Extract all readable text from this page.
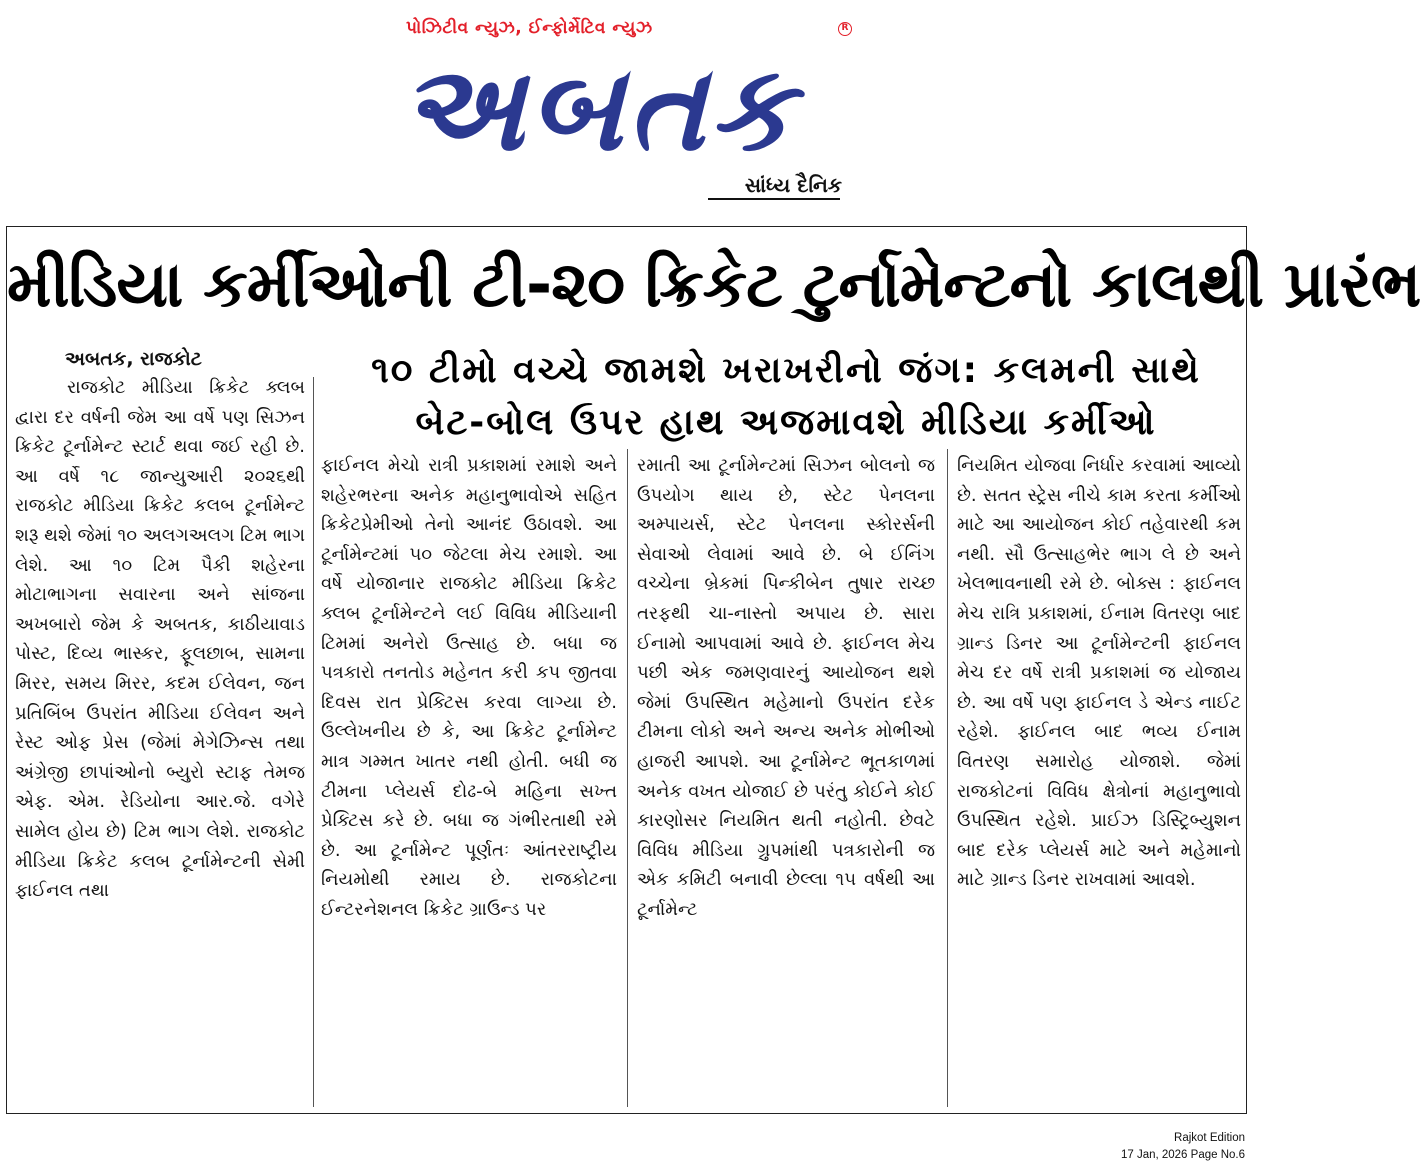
પોઝિટીવ ન્યુઝ, ઈન્ફોર્મેટિવ ન્યુઝ	R
અબતક
સાંધ્ય દૈનિક
મીડિયા કર્મીઓની ટી-૨૦ ક્રિકેટ ટુર્નામેન્ટનો કાલથી પ્રારંભ
અબતક, રાજકોટ	૧૦ ટીમો વચ્ચે જામશે ખરાખરીનો જંગ: કલમની સાથે
બેટ-બોલ ઉપર હાથ અજમાવશે મીડિયા કર્મીઓ
રાજકોટ મીડિયા ક્રિકેટ ક્લબ દ્વારા દર વર્ષની જેમ આ વર્ષે પણ સિઝન ક્રિકેટ ટૂર્નામેન્ટ સ્ટાર્ટ થવા જઈ રહી છે. આ વર્ષે ૧૮ જાન્યુઆરી ૨૦૨૬થી રાજકોટ મીડિયા ક્રિકેટ કલબ ટૂર્નામેન્ટ શરૂ થશે જેમાં ૧૦ અલગઅલગ ટિમ ભાગ લેશે. આ ૧૦ ટિમ પૈકી શહેરના મોટાભાગના સવારના અને સાંજના અખબારો જેમ કે અબતક, કાઠીયાવાડ પોસ્ટ, દિવ્ય ભાસ્કર, ફૂલછાબ, સામના મિરર, સમય મિરર, કદમ ઈલેવન, જન પ્રતિબિંબ ઉપરાંત મીડિયા ઈલેવન અને રેસ્ટ ઓફ પ્રેસ (જેમાં મેગેઝિન્સ તથા અંગ્રેજી છાપાંઓનો બ્યુરો સ્ટાફ તેમજ એફ. એમ. રેડિયોના આર.જે. વગેરે સામેલ હોય છે) ટિમ ભાગ લેશે. રાજકોટ મીડિયા ક્રિકેટ કલબ ટૂર્નામેન્ટની સેમી ફાઈનલ તથા
ફાઈનલ મેચો રાત્રી પ્રકાશમાં રમાશે અને શહેરભરના અનેક મહાનુભાવોએ સહિત ક્રિકેટપ્રેમીઓ તેનો આનંદ ઉઠાવશે. આ ટૂર્નામેન્ટમાં ૫૦ જેટલા મેચ રમાશે. આ વર્ષે યોજાનાર રાજકોટ મીડિયા ક્રિકેટ ક્લબ ટૂર્નામેન્ટને લઈ વિવિધ મીડિયાની ટિમમાં અનેરો ઉત્સાહ છે. બધા જ પત્રકારો તનતોડ મહેનત કરી કપ જીતવા દિવસ રાત પ્રેક્ટિસ કરવા લાગ્યા છે. ઉલ્લેખનીય છે કે, આ ક્રિકેટ ટૂર્નામેન્ટ માત્ર ગમ્મત ખાતર નથી હોતી. બધી જ ટીમના પ્લેયર્સ દોઢ-બે મહિના સખ્ત પ્રેક્ટિસ કરે છે. બધા જ ગંભીરતાથી રમે છે. આ ટૂર્નામેન્ટ પૂર્ણતઃ આંતરરાષ્ટ્રીય નિયમોથી રમાય છે. રાજકોટના ઈન્ટરનેશનલ ક્રિકેટ ગ્રાઉન્ડ પર
રમાતી આ ટૂર્નામેન્ટમાં સિઝન બોલનો જ ઉપયોગ થાય છે, સ્ટેટ પેનલના અમ્પાયર્સ, સ્ટેટ પેનલના સ્કોરર્સની સેવાઓ લેવામાં આવે છે. બે ઈનિંગ વચ્ચેના બ્રેકમાં પિન્કીબેન તુષાર રાચ્છ તરફથી ચા-નાસ્તો અપાય છે. સારા ઈનામો આપવામાં આવે છે. ફાઈનલ મેચ પછી એક જમણવારનું આયોજન થશે જેમાં ઉપસ્થિત મહેમાનો ઉપરાંત દરેક ટીમના લોકો અને અન્ય અનેક મોભીઓ હાજરી આપશે. આ ટૂર્નામેન્ટ ભૂતકાળમાં અનેક વખત યોજાઈ છે પરંતુ કોઈને કોઈ કારણોસર નિયમિત થતી નહોતી. છેવટે વિવિધ મીડિયા ગ્રુપમાંથી પત્રકારોની જ એક કમિટી બનાવી છેલ્લા ૧૫ વર્ષથી આ ટૂર્નામેન્ટ
નિયમિત યોજવા નિર્ધાર કરવામાં આવ્યો છે. સતત સ્ટ્રેસ નીચે કામ કરતા કર્મીઓ માટે આ આયોજન કોઈ તહેવારથી કમ નથી. સૌ ઉત્સાહભેર ભાગ લે છે અને ખેલભાવનાથી રમે છે. બોક્સ : ફાઈનલ મેચ રાત્રિ પ્રકાશમાં, ઈનામ વિતરણ બાદ ગ્રાન્ડ ડિનર આ ટૂર્નામેન્ટની ફાઈનલ મેચ દર વર્ષે રાત્રી પ્રકાશમાં જ યોજાય છે. આ વર્ષે પણ ફાઈનલ ડે એન્ડ નાઈટ રહેશે. ફાઈનલ બાદ ભવ્ય ઈનામ વિતરણ સમારોહ યોજાશે. જેમાં રાજકોટનાં વિવિધ ક્ષેત્રોનાં મહાનુભાવો ઉપસ્થિત રહેશે. પ્રાઈઝ ડિસ્ટ્રિબ્યુશન બાદ દરેક પ્લેયર્સ માટે અને મહેમાનો માટે ગ્રાન્ડ ડિનર રાખવામાં આવશે.
Rajkot Edition
17 Jan, 2026 Page No.6
